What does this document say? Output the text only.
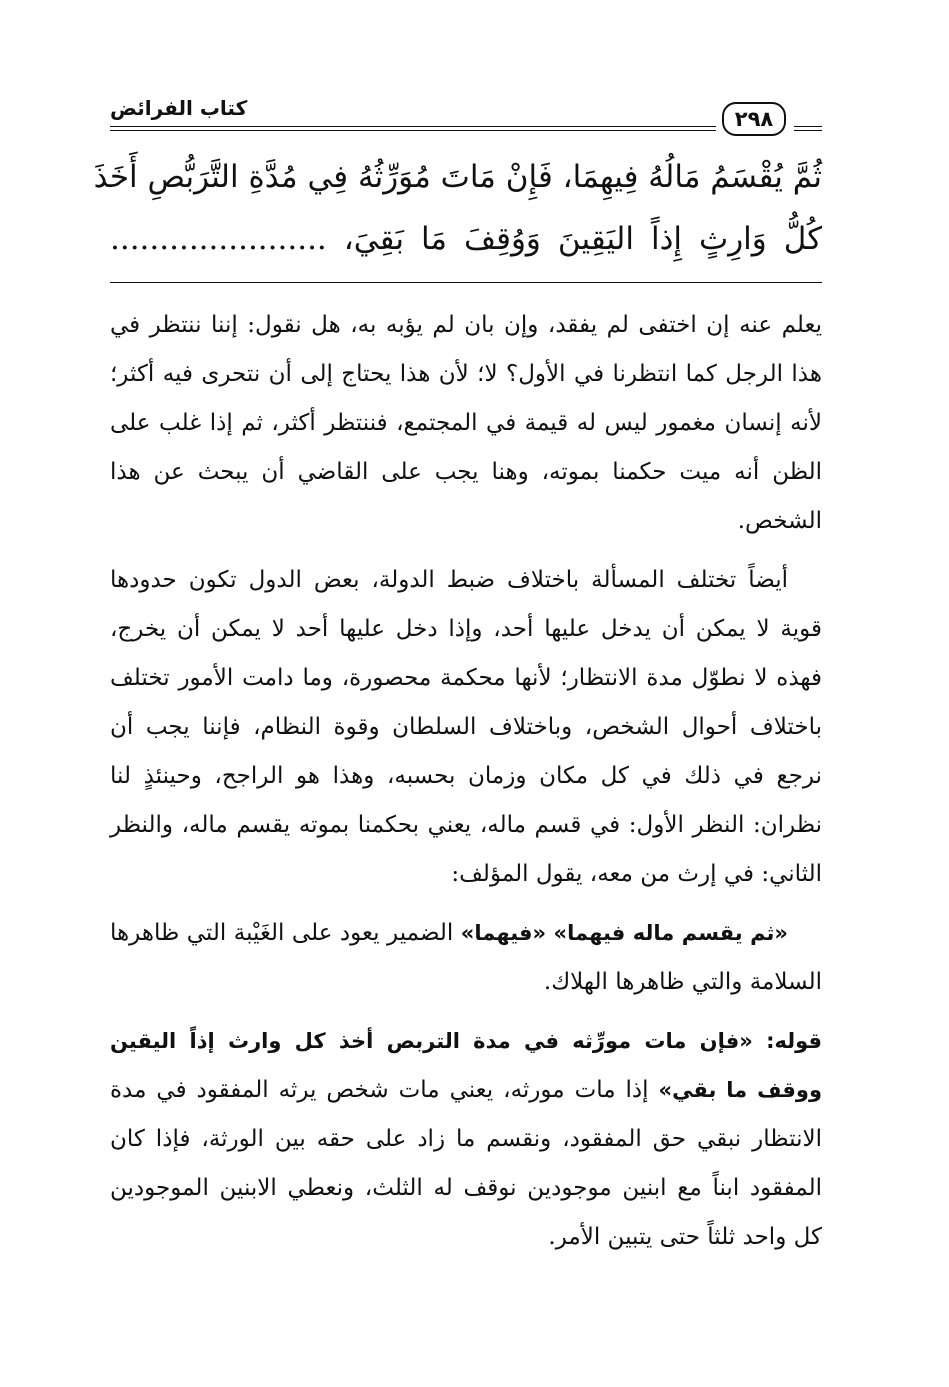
كتاب الفرائض	٢٩٨
ثُمَّ يُقْسَمُ مَالُهُ فِيهِمَا، فَإِنْ مَاتَ مُوَرِّثُهُ فِي مُدَّةِ التَّرَبُّصِ أَخَذَ
كُلُّ وَارِثٍ إِذاً اليَقِينَ وَوُقِفَ مَا بَقِيَ، ......................

يعلم عنه إن اختفى لم يفقد، وإن بان لم يؤبه به، هل نقول: إننا ننتظر في هذا الرجل كما انتظرنا في الأول؟ لا؛ لأن هذا يحتاج إلى أن نتحرى فيه أكثر؛ لأنه إنسان مغمور ليس له قيمة في المجتمع، فننتظر أكثر، ثم إذا غلب على الظن أنه ميت حكمنا بموته، وهنا يجب على القاضي أن يبحث عن هذا الشخص.

أيضاً تختلف المسألة باختلاف ضبط الدولة، بعض الدول تكون حدودها قوية لا يمكن أن يدخل عليها أحد، وإذا دخل عليها أحد لا يمكن أن يخرج، فهذه لا نطوّل مدة الانتظار؛ لأنها محكمة محصورة، وما دامت الأمور تختلف باختلاف أحوال الشخص، وباختلاف السلطان وقوة النظام، فإننا يجب أن نرجع في ذلك في كل مكان وزمان بحسبه، وهذا هو الراجح، وحينئذٍ لنا نظران: النظر الأول: في قسم ماله، يعني بحكمنا بموته يقسم ماله، والنظر الثاني: في إرث من معه، يقول المؤلف:

«ثم يقسم ماله فيهما» «فيهما» الضمير يعود على الغَيْبة التي ظاهرها السلامة والتي ظاهرها الهلاك.

قوله: «فإن مات مورِّثه في مدة التربص أخذ كل وارث إذاً اليقين ووقف ما بقي» إذا مات مورثه، يعني مات شخص يرثه المفقود في مدة الانتظار نبقي حق المفقود، ونقسم ما زاد على حقه بين الورثة، فإذا كان المفقود ابناً مع ابنين موجودين نوقف له الثلث، ونعطي الابنين الموجودين كل واحد ثلثاً حتى يتبين الأمر.
